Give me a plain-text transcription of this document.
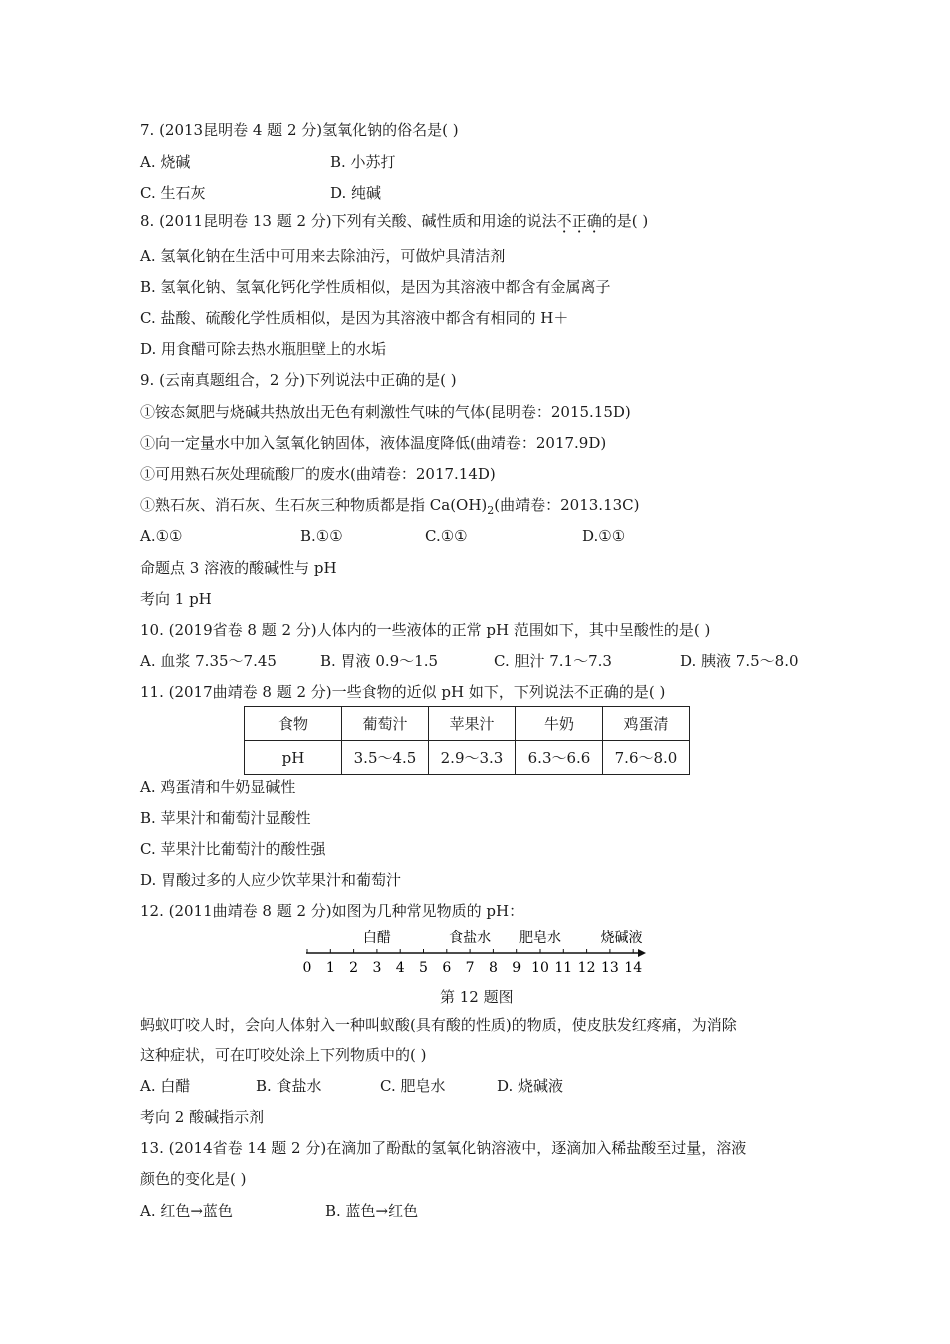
7. (2013昆明卷 4 题 2 分)氢氧化钠的俗名是( )
A. 烧碱	B. 小苏打
C. 生石灰	D. 纯碱
8. (2011昆明卷 13 题 2 分)下列有关酸、碱性质和用途的说法不正确的是( )
A. 氢氧化钠在生活中可用来去除油污，可做炉具清洁剂
B. 氢氧化钠、氢氧化钙化学性质相似，是因为其溶液中都含有金属离子
C. 盐酸、硫酸化学性质相似，是因为其溶液中都含有相同的 H＋
D. 用食醋可除去热水瓶胆壁上的水垢
9. (云南真题组合，2 分)下列说法中正确的是( )
①铵态氮肥与烧碱共热放出无色有刺激性气味的气体(昆明卷：2015.15D)
①向一定量水中加入氢氧化钠固体，液体温度降低(曲靖卷：2017.9D)
①可用熟石灰处理硫酸厂的废水(曲靖卷：2017.14D)
①熟石灰、消石灰、生石灰三种物质都是指 $Ca(OH)_2$(曲靖卷：2013.13C)
A.①①	B.①①	C.①①	D.①①
命题点 3 溶液的酸碱性与 pH
考向 1 pH
10. (2019省卷 8 题 2 分)人体内的一些液体的正常 pH 范围如下，其中呈酸性的是( )
A. 血浆 7.35～7.45	B. 胃液 0.9～1.5	C. 胆汁 7.1～7.3	D. 胰液 7.5～8.0
11. (2017曲靖卷 8 题 2 分)一些食物的近似 pH 如下，下列说法不正确的是( )
食物	葡萄汁	苹果汁	牛奶	鸡蛋清
pH	3.5～4.5	2.9～3.3	6.3～6.6	7.6～8.0
A. 鸡蛋清和牛奶显碱性
B. 苹果汁和葡萄汁显酸性
C. 苹果汁比葡萄汁的酸性强
D. 胃酸过多的人应少饮苹果汁和葡萄汁
12. (2011曲靖卷 8 题 2 分)如图为几种常见物质的 pH：
0 1 2 3 4 5 6 7 8 9 10 11 12 13 14
白醋	食盐水 肥皂水	烧碱液
第 12 题图
蚂蚁叮咬人时，会向人体射入一种叫蚁酸(具有酸的性质)的物质，使皮肤发红疼痛，为消除
这种症状，可在叮咬处涂上下列物质中的( )
A. 白醋	B. 食盐水	C. 肥皂水	D. 烧碱液
考向 2 酸碱指示剂
13. (2014省卷 14 题 2 分)在滴加了酚酞的氢氧化钠溶液中，逐滴加入稀盐酸至过量，溶液
颜色的变化是( )
A. 红色→蓝色	B. 蓝色→红色
